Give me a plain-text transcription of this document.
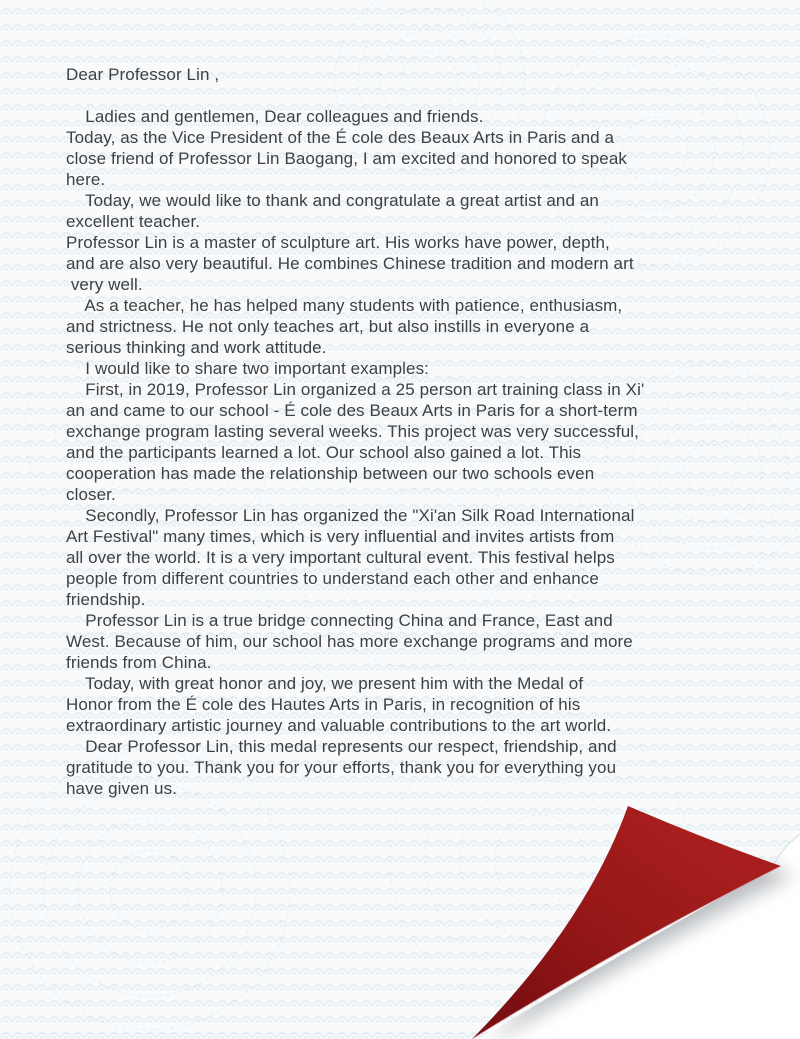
Dear Professor Lin ,

Ladies and gentlemen, Dear colleagues and friends.
Today, as the Vice President of the É cole des Beaux Arts in Paris and a
close friend of Professor Lin Baogang, I am excited and honored to speak
here.
Today, we would like to thank and congratulate a great artist and an
excellent teacher.
Professor Lin is a master of sculpture art. His works have power, depth,
and are also very beautiful. He combines Chinese tradition and modern art
very well.
As a teacher, he has helped many students with patience, enthusiasm,
and strictness. He not only teaches art, but also instills in everyone a
serious thinking and work attitude.
I would like to share two important examples:
First, in 2019, Professor Lin organized a 25 person art training class in Xi'
an and came to our school - É cole des Beaux Arts in Paris for a short-term
exchange program lasting several weeks. This project was very successful,
and the participants learned a lot. Our school also gained a lot. This
cooperation has made the relationship between our two schools even
closer.
Secondly, Professor Lin has organized the "Xi'an Silk Road International
Art Festival" many times, which is very influential and invites artists from
all over the world. It is a very important cultural event. This festival helps
people from different countries to understand each other and enhance
friendship.
Professor Lin is a true bridge connecting China and France, East and
West. Because of him, our school has more exchange programs and more
friends from China.
Today, with great honor and joy, we present him with the Medal of
Honor from the É cole des Hautes Arts in Paris, in recognition of his
extraordinary artistic journey and valuable contributions to the art world.
Dear Professor Lin, this medal represents our respect, friendship, and
gratitude to you. Thank you for your efforts, thank you for everything you
have given us.
